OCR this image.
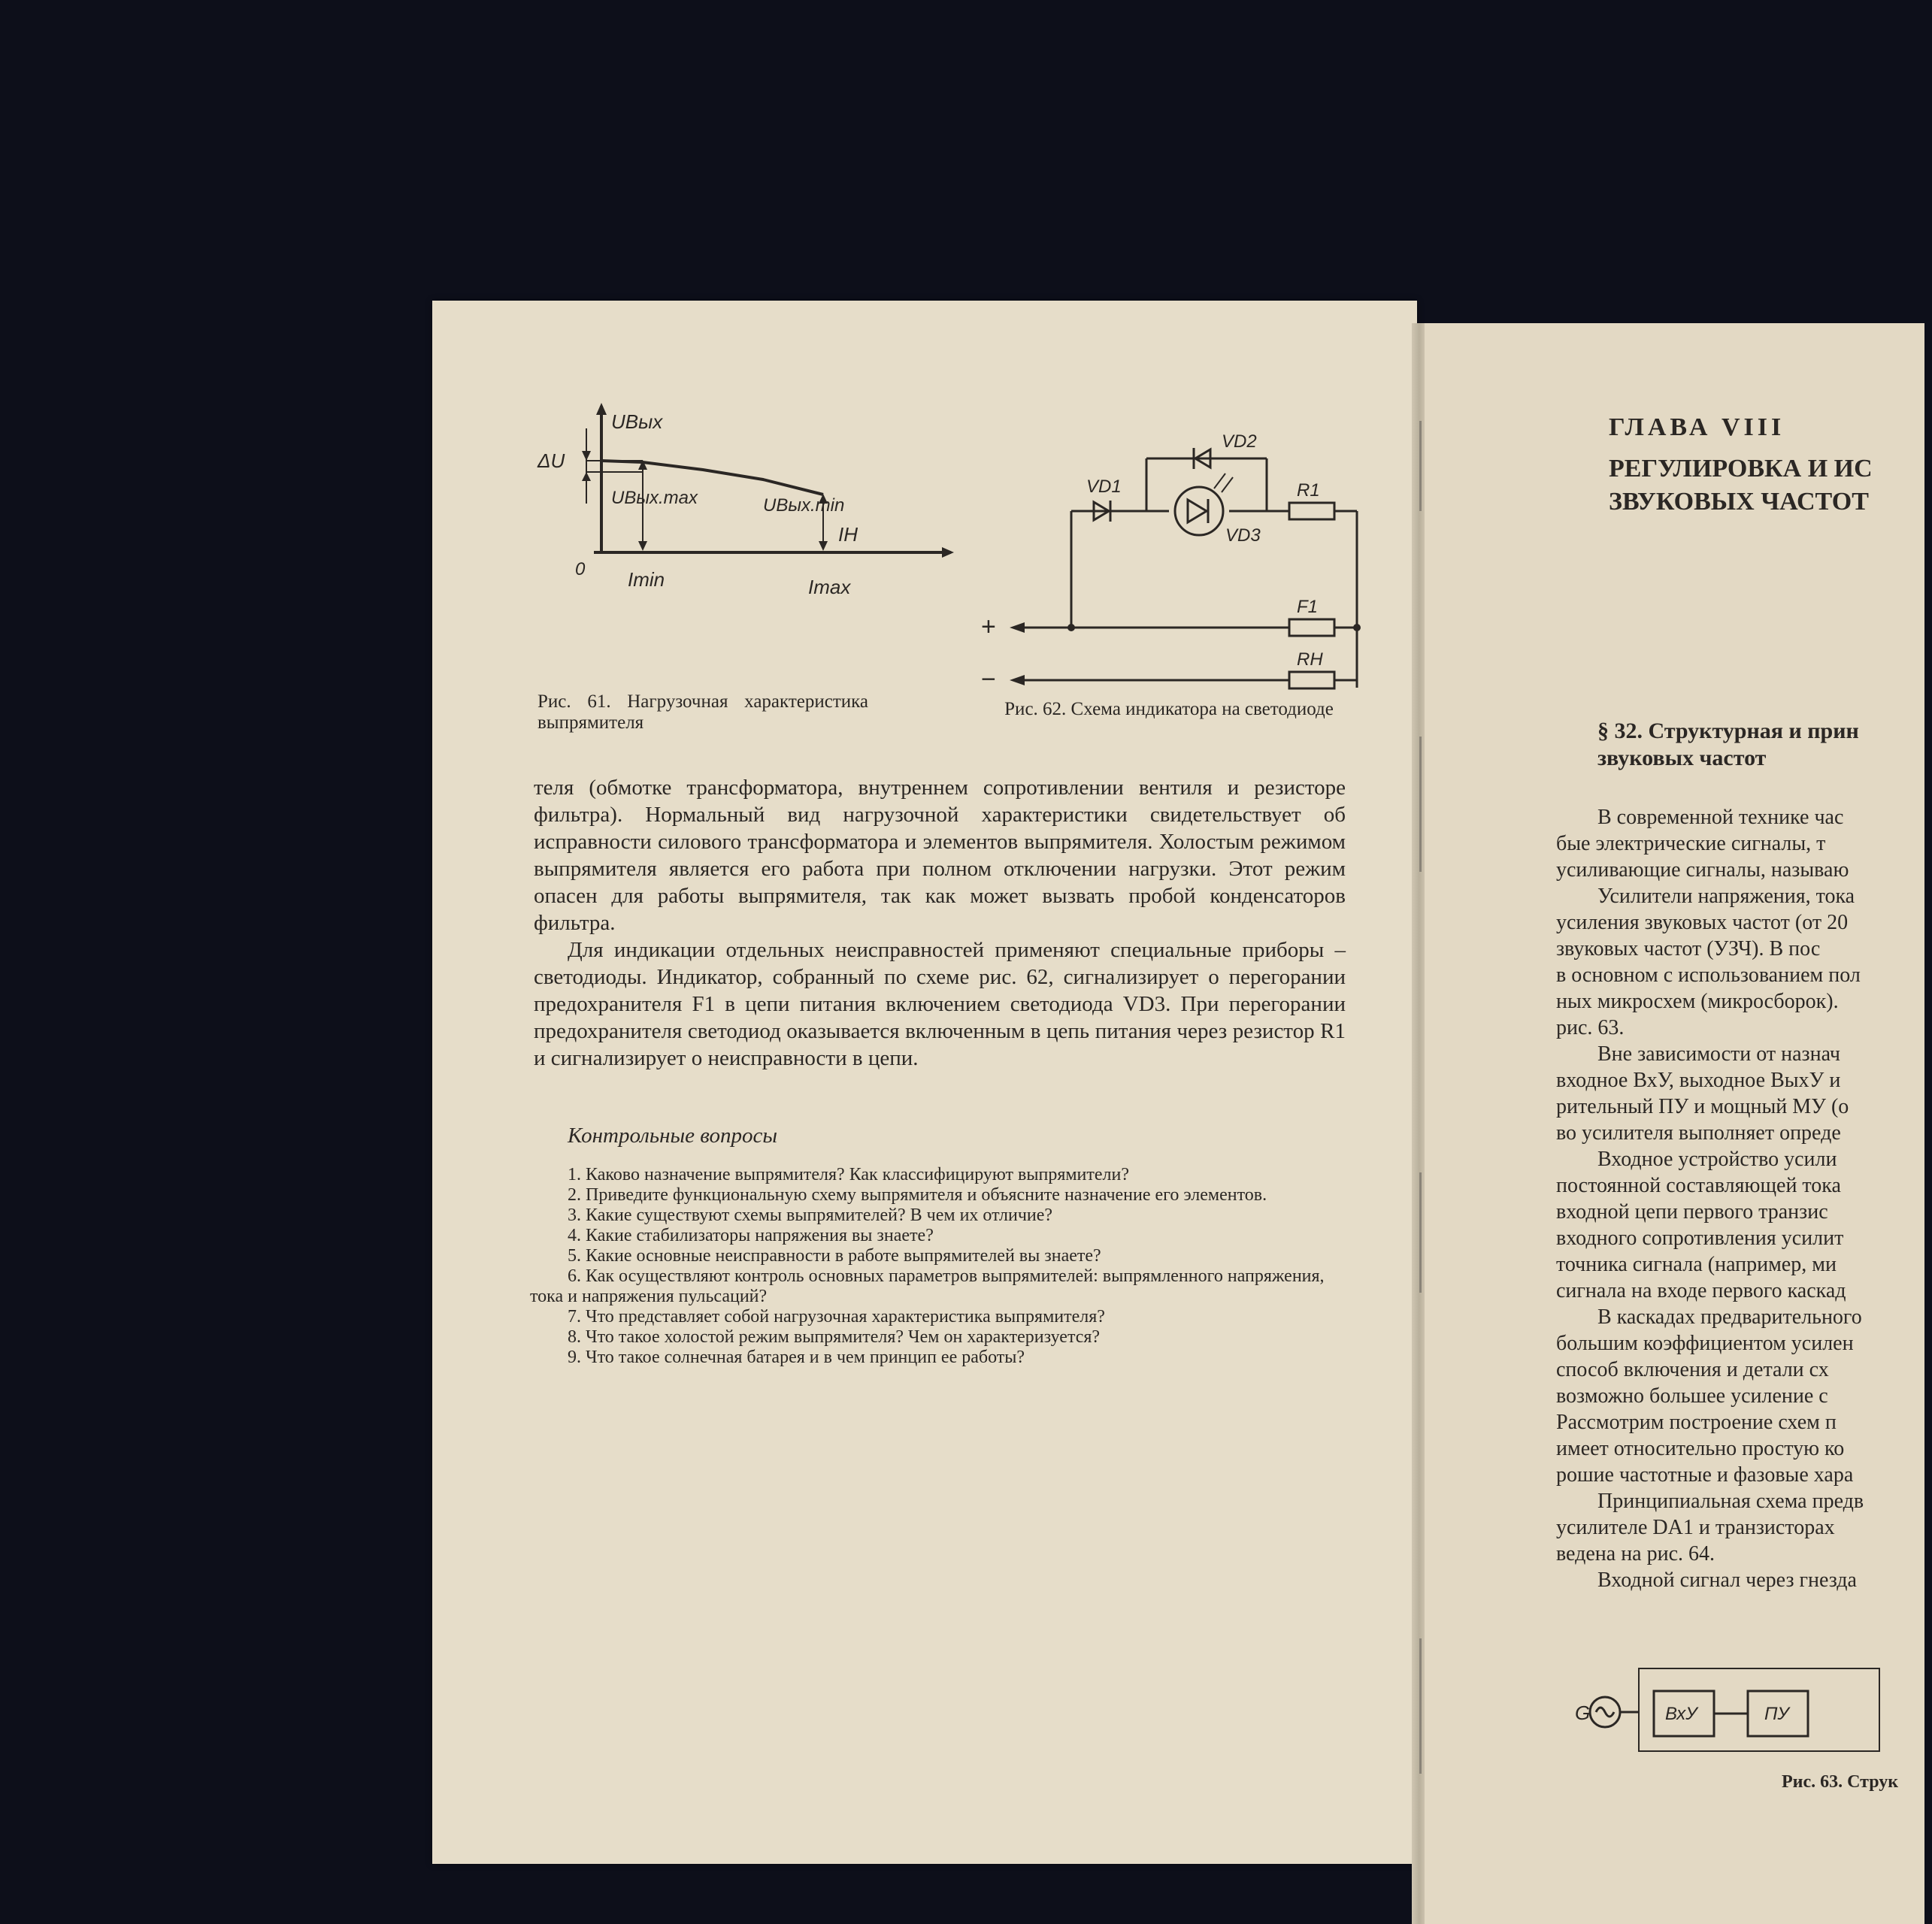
UВых
ΔU
UВых.max	UВых.min
IН
0 Imin	Imax
VD1
VD2
VD3
R1
F1
+
RН
−
Рис. 61. Нагрузочная характеристика выпрямителя
Рис. 62. Схема индикатора на светодиоде

теля (обмотке трансформатора, внутреннем сопротивлении вентиля и резисторе фильтра). Нормальный вид нагрузочной характеристики свидетельствует об исправности силового трансформатора и элементов выпрямителя. Холостым режимом выпрямителя является его работа при полном отключении нагрузки. Этот режим опасен для работы выпрямителя, так как может вызвать пробой конденсаторов фильтра.

Для индикации отдельных неисправностей применяют специальные приборы – светодиоды. Индикатор, собранный по схеме рис. 62, сигнализирует о перегорании предохранителя F1 в цепи питания включением светодиода VD3. При перегорании предохранителя светодиод оказывается включенным в цепь питания через резистор R1 и сигнализирует о неисправности в цепи.

Контрольные вопросы
1. Каково назначение выпрямителя? Как классифицируют выпрямители?
2. Приведите функциональную схему выпрямителя и объясните назначение его элементов.
3. Какие существуют схемы выпрямителей? В чем их отличие?
4. Какие стабилизаторы напряжения вы знаете?
5. Какие основные неисправности в работе выпрямителей вы знаете?
6. Как осуществляют контроль основных параметров выпрямителей: выпрямленного напряжения, тока и напряжения пульсаций?
7. Что представляет собой нагрузочная характеристика выпрямителя?
8. Что такое холостой режим выпрямителя? Чем он характеризуется?
9. Что такое солнечная батарея и в чем принцип ее работы?
ГЛАВА VIII
РЕГУЛИРОВКА И ИС
ЗВУКОВЫХ ЧАСТОТ
§ 32. Структурная и прин
звуковых частот
В современной технике час
бые электрические сигналы, т
усиливающие сигналы, называю
Усилители напряжения, тока
усиления звуковых частот (от 20
звуковых частот (УЗЧ). В пос
в основном с использованием пол
ных микросхем (микросборок).
рис. 63.
Вне зависимости от назнач
входное ВхУ, выходное ВыхУ и
рительный ПУ и мощный МУ (о
во усилителя выполняет опреде
Входное устройство усили
постоянной составляющей тока
входной цепи первого транзис
входного сопротивления усилит
точника сигнала (например, ми
сигнала на входе первого каскад
В каскадах предварительного
большим коэффициентом усилен
способ включения и детали сх
возможно большее усиление с
Рассмотрим построение схем п
имеет относительно простую ко
рошие частотные и фазовые хара
Принципиальная схема предв
усилителе DA1 и транзисторах
ведена на рис. 64.
Входной сигнал через гнезда
G	ВхУ	ПУ
Рис. 63. Струк
